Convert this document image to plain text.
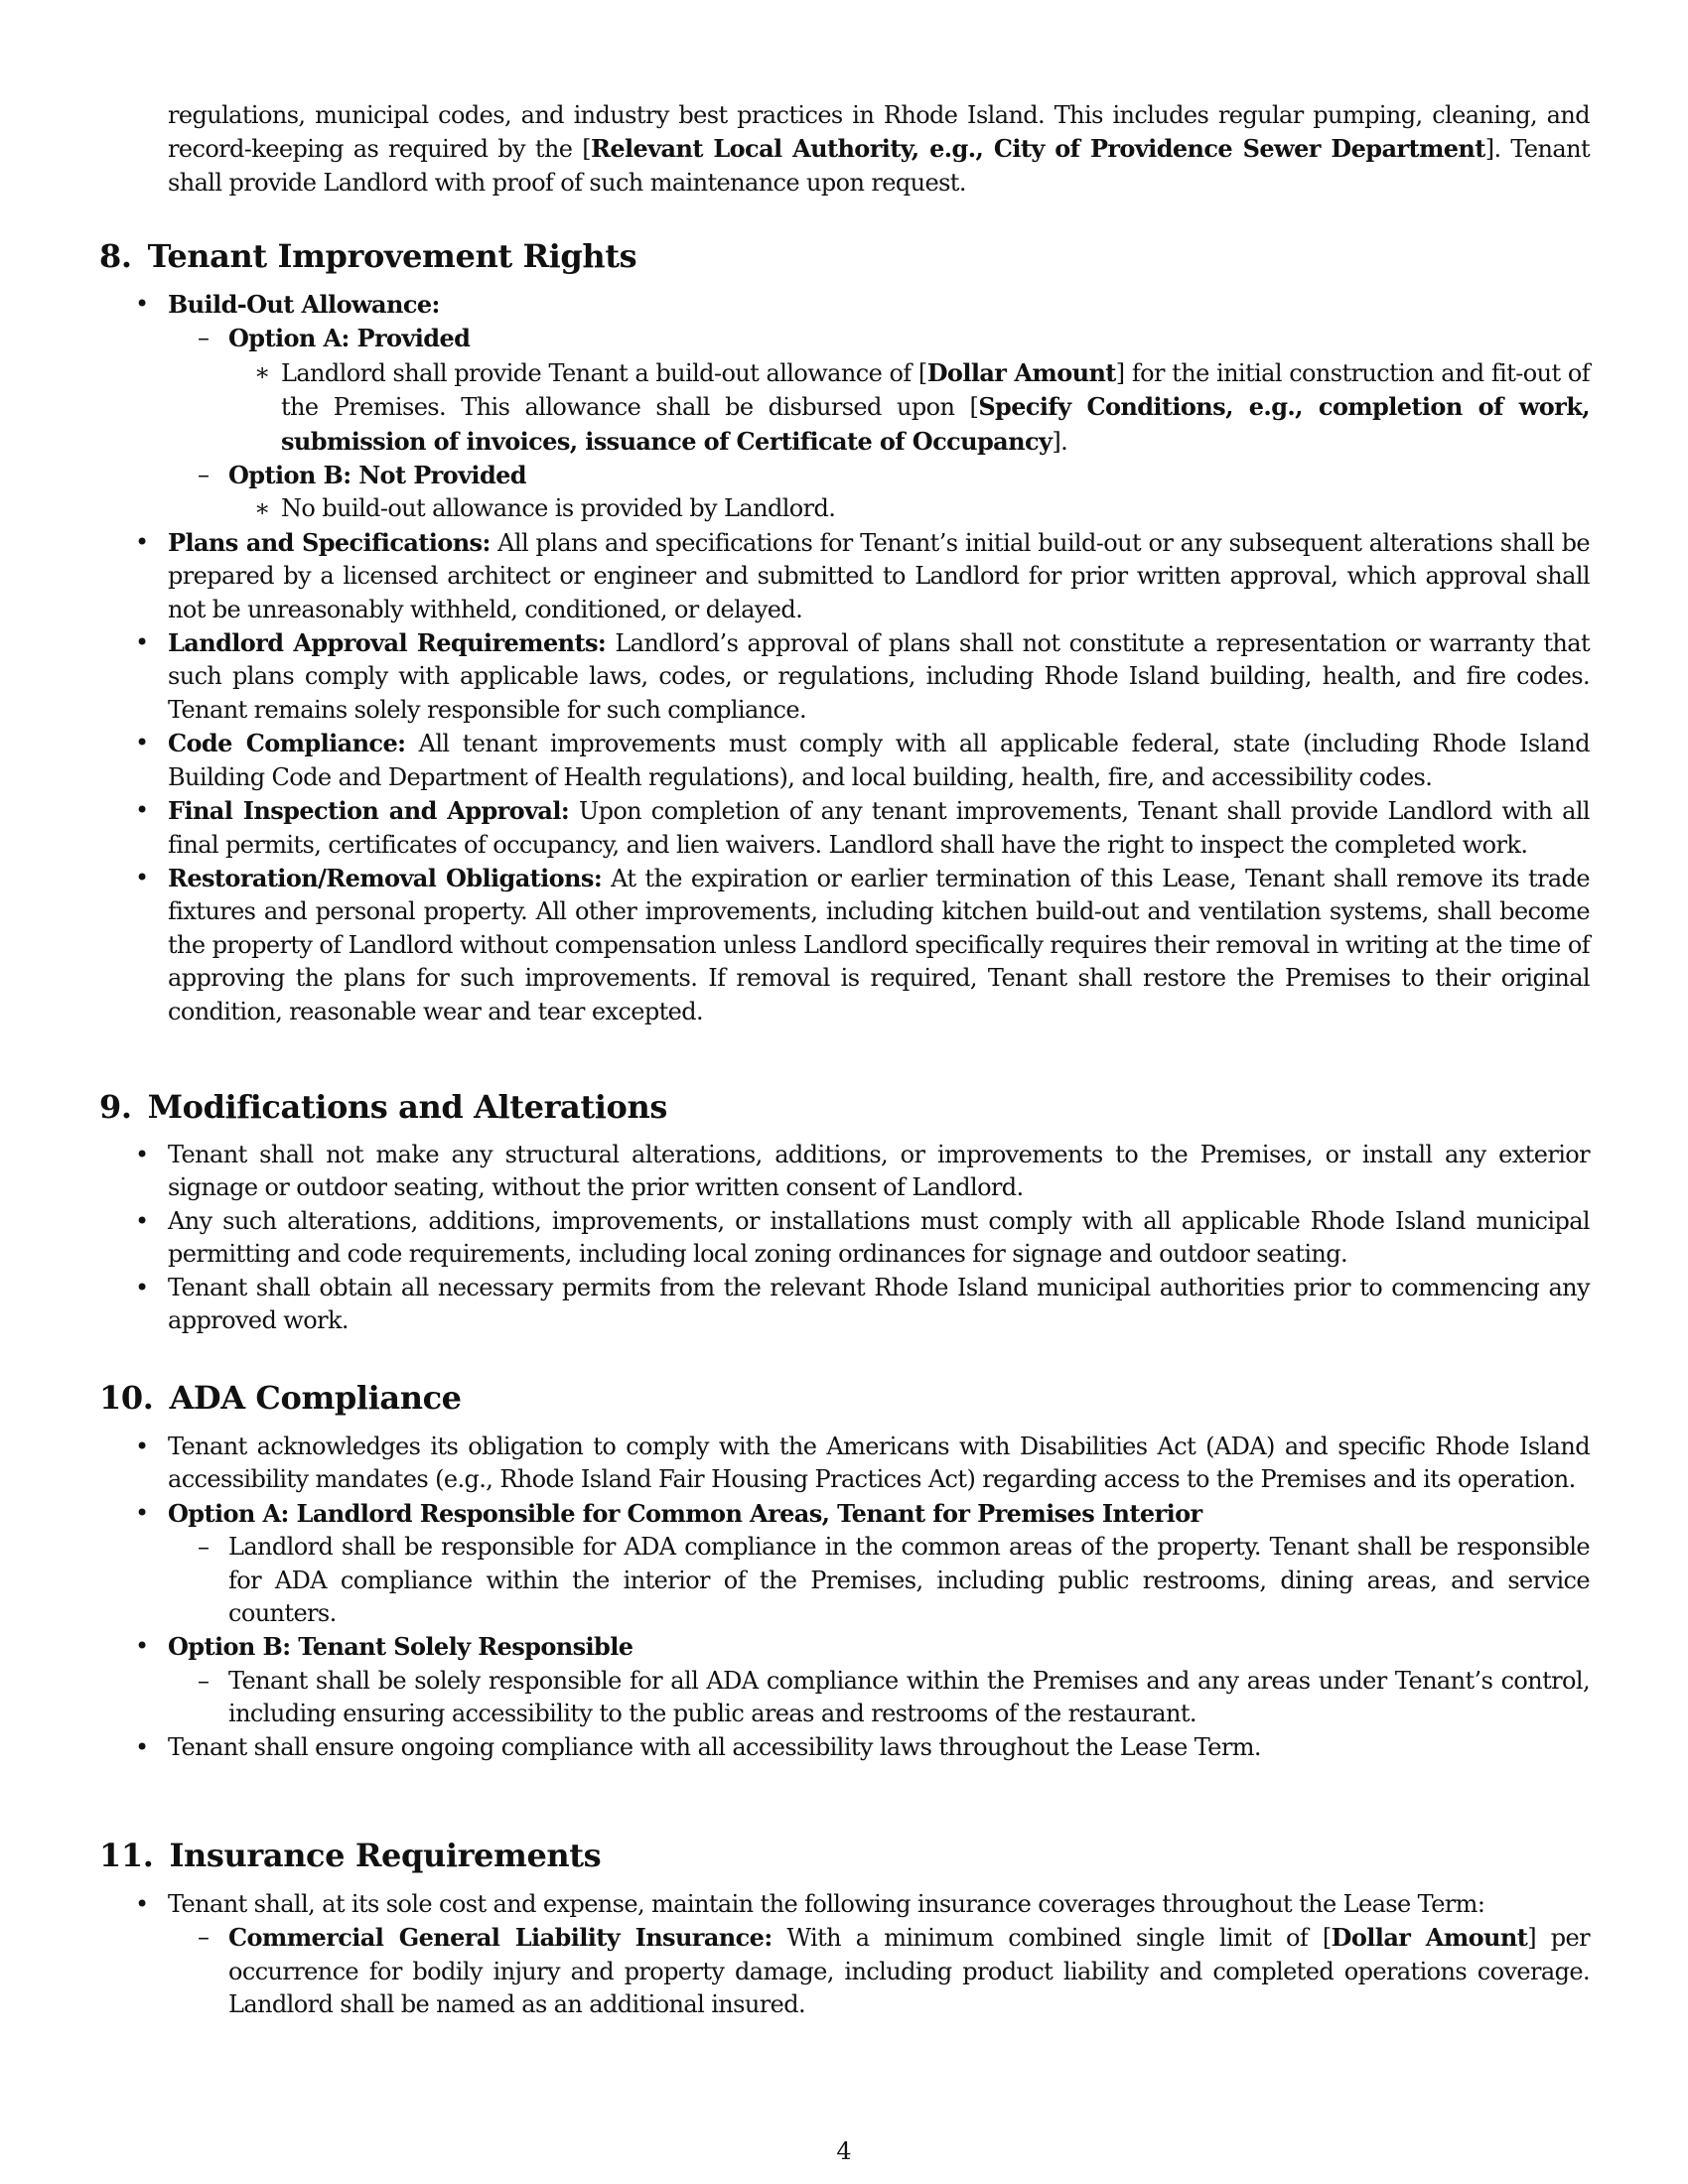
regulations, municipal codes, and industry best practices in Rhode Island. This includes regular pumping, cleaning, and record-keeping as required by the [Relevant Local Authority, e.g., City of Providence Sewer Department]. Tenant shall provide Landlord with proof of such maintenance upon request.

8. Tenant Improvement Rights
• Build-Out Allowance:
– Option A: Provided
∗ Landlord shall provide Tenant a build-out allowance of [Dollar Amount] for the initial construction and fit-out of the Premises. This allowance shall be disbursed upon [Specify Conditions, e.g., completion of work, submission of invoices, issuance of Certificate of Occupancy].
– Option B: Not Provided
∗ No build-out allowance is provided by Landlord.
• Plans and Specifications: All plans and specifications for Tenant’s initial build-out or any subsequent alterations shall be prepared by a licensed architect or engineer and submitted to Landlord for prior written approval, which approval shall not be unreasonably withheld, conditioned, or delayed.
• Landlord Approval Requirements: Landlord’s approval of plans shall not constitute a representation or warranty that such plans comply with applicable laws, codes, or regulations, including Rhode Island building, health, and fire codes. Tenant remains solely responsible for such compliance.
• Code Compliance: All tenant improvements must comply with all applicable federal, state (including Rhode Island Building Code and Department of Health regulations), and local building, health, fire, and accessibility codes.
• Final Inspection and Approval: Upon completion of any tenant improvements, Tenant shall provide Landlord with all final permits, certificates of occupancy, and lien waivers. Landlord shall have the right to inspect the completed work.
• Restoration/Removal Obligations: At the expiration or earlier termination of this Lease, Tenant shall remove its trade fixtures and personal property. All other improvements, including kitchen build-out and ventilation systems, shall become the property of Landlord without compensation unless Landlord specifically requires their removal in writing at the time of approving the plans for such improvements. If removal is required, Tenant shall restore the Premises to their original condition, reasonable wear and tear excepted.
9. Modifications and Alterations
• Tenant shall not make any structural alterations, additions, or improvements to the Premises, or install any exterior signage or outdoor seating, without the prior written consent of Landlord.
• Any such alterations, additions, improvements, or installations must comply with all applicable Rhode Island municipal permitting and code requirements, including local zoning ordinances for signage and outdoor seating.
• Tenant shall obtain all necessary permits from the relevant Rhode Island municipal authorities prior to commencing any approved work.
10. ADA Compliance
• Tenant acknowledges its obligation to comply with the Americans with Disabilities Act (ADA) and specific Rhode Island accessibility mandates (e.g., Rhode Island Fair Housing Practices Act) regarding access to the Premises and its operation.
• Option A: Landlord Responsible for Common Areas, Tenant for Premises Interior
– Landlord shall be responsible for ADA compliance in the common areas of the property. Tenant shall be responsible for ADA compliance within the interior of the Premises, including public restrooms, dining areas, and service counters.
• Option B: Tenant Solely Responsible
– Tenant shall be solely responsible for all ADA compliance within the Premises and any areas under Tenant’s control, including ensuring accessibility to the public areas and restrooms of the restaurant.
• Tenant shall ensure ongoing compliance with all accessibility laws throughout the Lease Term.
11. Insurance Requirements
• Tenant shall, at its sole cost and expense, maintain the following insurance coverages throughout the Lease Term:
– Commercial General Liability Insurance: With a minimum combined single limit of [Dollar Amount] per occurrence for bodily injury and property damage, including product liability and completed operations coverage. Landlord shall be named as an additional insured.
4
